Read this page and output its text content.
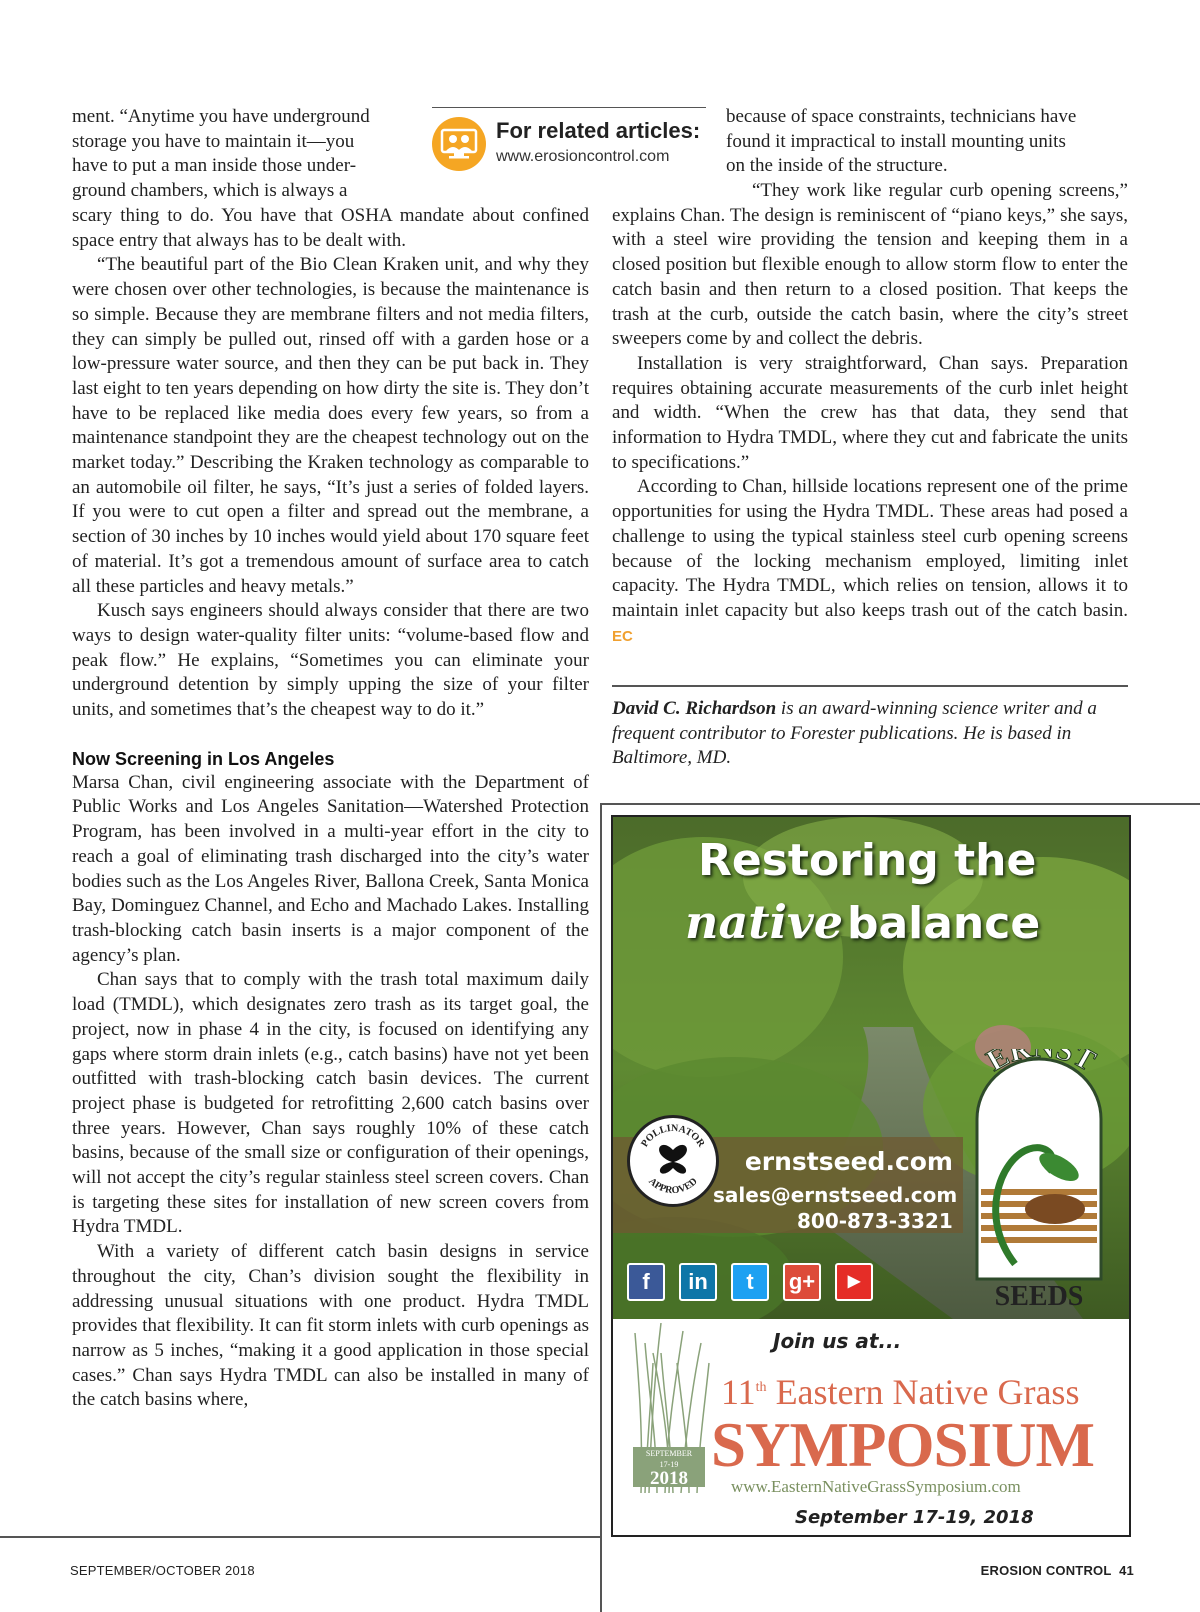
ment. “Anytime you have underground
storage you have to maintain it—you
have to put a man inside those under-
ground chambers, which is always a

scary thing to do. You have that OSHA mandate about confined space entry that always has to be dealt with.

“The beautiful part of the Bio Clean Kraken unit, and why they were chosen over other technologies, is because the maintenance is so simple. Because they are membrane filters and not media filters, they can simply be pulled out, rinsed off with a garden hose or a low-pressure water source, and then they can be put back in. They last eight to ten years depending on how dirty the site is. They don’t have to be replaced like media does every few years, so from a maintenance standpoint they are the cheapest technology out on the market today.” Describing the Kraken technology as comparable to an automobile oil filter, he says, “It’s just a series of folded layers. If you were to cut open a filter and spread out the membrane, a section of 30 inches by 10 inches would yield about 170 square feet of material. It’s got a tremendous amount of surface area to catch all these particles and heavy metals.”

Kusch says engineers should always consider that there are two ways to design water-quality filter units: “volume-based flow and peak flow.” He explains, “Sometimes you can eliminate your underground detention by simply upping the size of your filter units, and sometimes that’s the cheapest way to do it.”

Now Screening in Los Angeles

Marsa Chan, civil engineering associate with the Department of Public Works and Los Angeles Sanitation—Watershed Protection Program, has been involved in a multi-year effort in the city to reach a goal of eliminating trash discharged into the city’s water bodies such as the Los Angeles River, Ballona Creek, Santa Monica Bay, Dominguez Channel, and Echo and Machado Lakes. Installing trash-blocking catch basin inserts is a major component of the agency’s plan.

Chan says that to comply with the trash total maximum daily load (TMDL), which designates zero trash as its target goal, the project, now in phase 4 in the city, is focused on identifying any gaps where storm drain inlets (e.g., catch basins) have not yet been outfitted with trash-blocking catch basin devices. The current project phase is budgeted for retrofitting 2,600 catch basins over three years. However, Chan says roughly 10% of these catch basins, because of the small size or configuration of their openings, will not accept the city’s regular stainless steel screen covers. Chan is targeting these sites for installation of new screen covers from Hydra TMDL.

With a variety of different catch basin designs in service throughout the city, Chan’s division sought the flexibility in addressing unusual situations with one product. Hydra TMDL provides that flexibility. It can fit storm inlets with curb openings as narrow as 5 inches, “making it a good application in those special cases.” Chan says Hydra TMDL can also be installed in many of the catch basins where,

For related articles:
www.erosioncontrol.com
because of space constraints, technicians have
found it impractical to install mounting units
on the inside of the structure.

“They work like regular curb opening screens,” explains Chan. The design is reminiscent of “piano keys,” she says, with a steel wire providing the tension and keeping them in a closed position but flexible enough to allow storm flow to enter the catch basin and then return to a closed position. That keeps the trash at the curb, outside the catch basin, where the city’s street sweepers come by and collect the debris.

Installation is very straightforward, Chan says. Preparation requires obtaining accurate measurements of the curb inlet height and width. “When the crew has that data, they send that information to Hydra TMDL, where they cut and fabricate the units to specifications.”

According to Chan, hillside locations represent one of the prime opportunities for using the Hydra TMDL. These areas had posed a challenge to using the typical stainless steel curb opening screens because of the locking mechanism employed, limiting inlet capacity. The Hydra TMDL, which relies on tension, allows it to maintain inlet capacity but also keeps trash out of the catch basin. EC

David C. Richardson is an award-winning science writer and a frequent contributor to Forester publications. He is based in Baltimore, MD.
Restoring the
native balance
ernstseed.com
sales@ernstseed.com
800-873-3321
POLLINATOR
APPROVED
f	in	t	g+	▶
ER ST
SEEDS
SEPTEMBER
17-19
2018
Join us at...
11th Eastern Native Grass
SYMPOSIUM
www.EasternNativeGrassSymposium.com
September 17-19, 2018
SEPTEMBER/OCTOBER 2018	EROSION CONTROL 41
